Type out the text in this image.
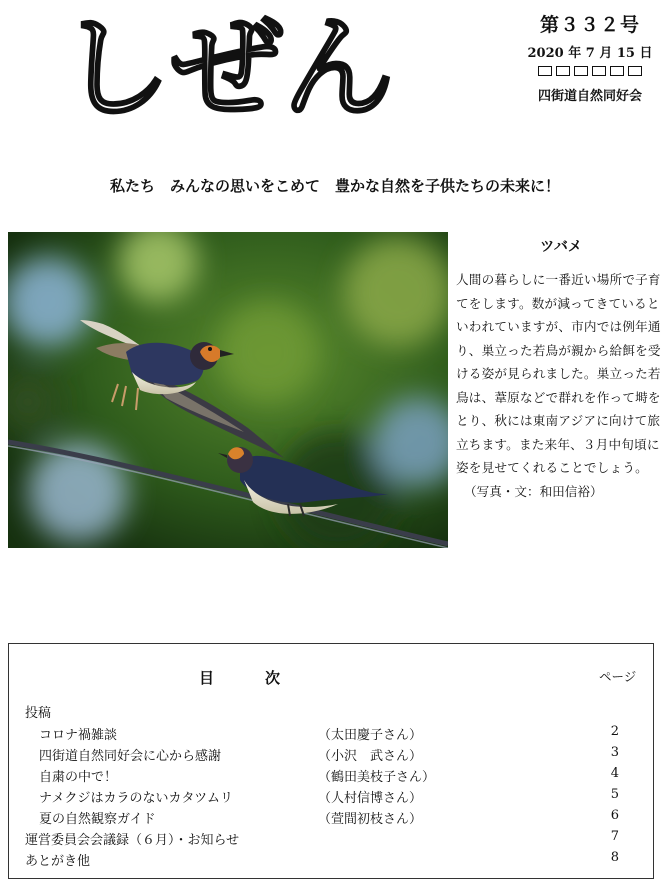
しぜん	第３３２号
2020 年 7 月 15 日
四街道自然同好会
私たち　みんなの思いをこめて　豊かな自然を子供たちの未来に！
ツバメ

人間の暮らしに一番近い場所で子育てをします。数が減ってきているといわれていますが、市内では例年通り、巣立った若鳥が親から給餌を受ける姿が見られました。巣立った若鳥は、葦原などで群れを作って塒をとり、秋には東南アジアに向けて旅立ちます。また来年、３月中旬頃に姿を見せてくれることでしょう。

（写真・文：和田信裕）
目　次	ページ
投稿
コロナ禍雑談	（太田慶子さん）	2
四街道自然同好会に心から感謝	（小沢　武さん）	3
自粛の中で！	（鶴田美枝子さん）	4
ナメクジはカラのないカタツムリ	（人村信博さん）	5
夏の自然観察ガイド	（萱間初枝さん）	6
運営委員会会議録（６月）・お知らせ	7
あとがき他	8
